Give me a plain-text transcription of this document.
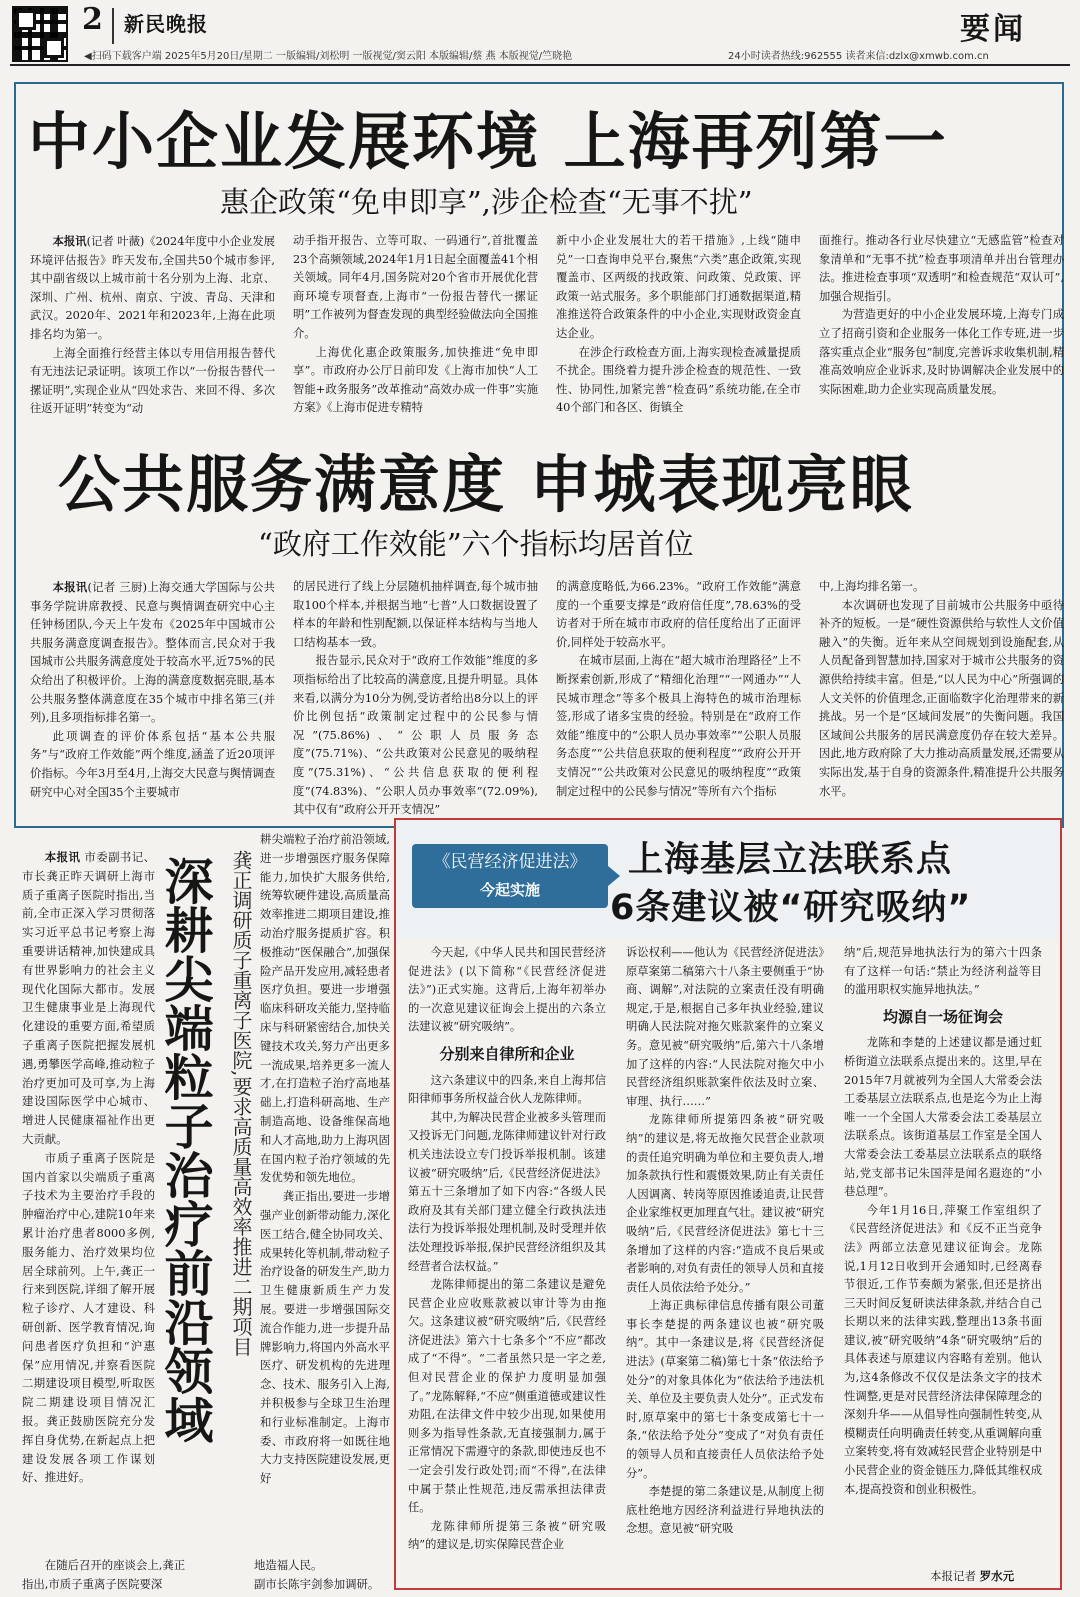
2 新民晚报	要闻
◀扫码下载客户端 2025年5月20日/星期二 一版编辑/刘松明 一版视觉/窦云阳 本版编辑/蔡 燕 本版视觉/竺晓艳	24小时读者热线:962555 读者来信:dzlx@xmwb.com.cn
中小企业发展环境 上海再列第一
惠企政策“免申即享”,涉企检查“无事不扰”

本报讯(记者 叶薇)《2024年度中小企业发展环境评估报告》昨天发布,全国共50个城市参评,其中副省级以上城市前十名分别为上海、北京、深圳、广州、杭州、南京、宁波、青岛、天津和武汉。2020年、2021年和2023年,上海在此项排名均为第一。

上海全面推行经营主体以专用信用报告替代有无违法记录证明。该项工作以“一份报告替代一摞证明”,实现企业从“四处求告、来回不得、多次往返开证明”转变为“动

动手指开报告、立等可取、一码通行”,首批覆盖23个高频领域,2024年1月1日起全面覆盖41个相关领域。同年4月,国务院对20个省市开展优化营商环境专项督查,上海市“一份报告替代一摞证明”工作被列为督查发现的典型经验做法向全国推介。

上海优化惠企政策服务,加快推进“免申即享”。市政府办公厅日前印发《上海市加快“人工智能+政务服务”改革推动“高效办成一件事”实施方案》《上海市促进专精特

新中小企业发展壮大的若干措施》,上线“随申兑”一口查询申兑平台,聚焦“六类”惠企政策,实现覆盖市、区两级的找政策、问政策、兑政策、评政策一站式服务。多个职能部门打通数据渠道,精准推送符合政策条件的中小企业,实现财政资金直达企业。

在涉企行政检查方面,上海实现检查减量提质不扰企。围绕着力提升涉企检查的规范性、一致性、协同性,加紧完善“检查码”系统功能,在全市40个部门和各区、街镇全

面推行。推动各行业尽快建立“无感监管”检查对象清单和“无事不扰”检查事项清单并出台管理办法。推进检查事项“双透明”和检查规范“双认可”,加强合规指引。

为营造更好的中小企业发展环境,上海专门成立了招商引资和企业服务一体化工作专班,进一步落实重点企业“服务包”制度,完善诉求收集机制,精准高效响应企业诉求,及时协调解决企业发展中的实际困难,助力企业实现高质量发展。

公共服务满意度 申城表现亮眼
“政府工作效能”六个指标均居首位

本报讯(记者 三厨)上海交通大学国际与公共事务学院讲席教授、民意与舆情调查研究中心主任钟杨团队,今天上午发布《2025年中国城市公共服务满意度调查报告》。整体而言,民众对于我国城市公共服务满意度处于较高水平,近75%的民众给出了积极评价。上海的满意度数据亮眼,基本公共服务整体满意度在35个城市中排名第三(并列),且多项指标排名第一。

此项调查的评价体系包括“基本公共服务”与“政府工作效能”两个维度,涵盖了近20项评价指标。今年3月至4月,上海交大民意与舆情调查研究中心对全国35个主要城市

的居民进行了线上分层随机抽样调查,每个城市抽取100个样本,并根据当地“七普”人口数据设置了样本的年龄和性别配额,以保证样本结构与当地人口结构基本一致。

报告显示,民众对于“政府工作效能”维度的多项指标给出了比较高的满意度,且提升明显。具体来看,以满分为10分为例,受访者给出8分以上的评价比例包括“政策制定过程中的公民参与情况”(75.86%)、“公职人员服务态度”(75.71%)、“公共政策对公民意见的吸纳程度”(75.31%)、“公共信息获取的便利程度”(74.83%)、“公职人员办事效率”(72.09%),其中仅有“政府公开开支情况”

的满意度略低,为66.23%。“政府工作效能”满意度的一个重要支撑是“政府信任度”,78.63%的受访者对于所在城市市政府的信任度给出了正面评价,同样处于较高水平。

在城市层面,上海在“超大城市治理路径”上不断探索创新,形成了“精细化治理”“一网通办”“人民城市理念”等多个极具上海特色的城市治理标签,形成了诸多宝贵的经验。特别是在“政府工作效能”维度中的“公职人员办事效率”“公职人员服务态度”“公共信息获取的便利程度”“政府公开开支情况”“公共政策对公民意见的吸纳程度”“政策制定过程中的公民参与情况”等所有六个指标

中,上海均排名第一。

本次调研也发现了目前城市公共服务中亟待补齐的短板。一是“硬性资源供给与软性人文价值融入”的失衡。近年来从空间规划到设施配套,从人员配备到智慧加持,国家对于城市公共服务的资源供给持续丰富。但是,“以人民为中心”所强调的人文关怀的价值理念,正面临数字化治理带来的新挑战。另一个是“区域间发展”的失衡问题。我国区域间公共服务的居民满意度仍存在较大差异。因此,地方政府除了大力推动高质量发展,还需要从实际出发,基于自身的资源条件,精准提升公共服务水平。

本报讯 市委副书记、市长龚正昨天调研上海市质子重离子医院时指出,当前,全市正深入学习贯彻落实习近平总书记考察上海重要讲话精神,加快建成具有世界影响力的社会主义现代化国际大都市。发展卫生健康事业是上海现代化建设的重要方面,希望质子重离子医院把握发展机遇,勇攀医学高峰,推动粒子治疗更加可及可享,为上海建设国际医学中心城市、增进人民健康福祉作出更大贡献。

市质子重离子医院是国内首家以尖端质子重离子技术为主要治疗手段的肿瘤治疗中心,建院10年来累计治疗患者8000多例,服务能力、治疗效果均位居全球前列。上午,龚正一行来到医院,详细了解开展粒子诊疗、人才建设、科研创新、医学教育情况,询问患者医疗负担和“沪惠保”应用情况,并察看医院二期建设项目模型,听取医院二期建设项目情况汇报。龚正鼓励医院充分发挥自身优势,在新起点上把建设发展各项工作谋划好、推进好。

深耕尖端粒子治疗前沿领域 龚正调研质子重离子医院,要求高质量高效率推进二期项目

耕尖端粒子治疗前沿领域,进一步增强医疗服务保障能力,加快扩大服务供给,统筹软硬件建设,高质量高效率推进二期项目建设,推动治疗服务提质扩容。积极推动“医保融合”,加强保险产品开发应用,减轻患者医疗负担。要进一步增强临床科研攻关能力,坚持临床与科研紧密结合,加快关键技术攻关,努力产出更多一流成果,培养更多一流人才,在打造粒子治疗高地基础上,打造科研高地、生产制造高地、设备维保高地和人才高地,助力上海巩固在国内粒子治疗领域的先发优势和领先地位。

龚正指出,要进一步增强产业创新带动能力,深化医工结合,健全协同攻关、成果转化等机制,带动粒子治疗设备的研发生产,助力卫生健康新质生产力发展。要进一步增强国际交流合作能力,进一步提升品牌影响力,将国内外高水平医疗、研发机构的先进理念、技术、服务引入上海,并积极参与全球卫生治理和行业标准制定。上海市委、市政府将一如既往地大力支持医院建设发展,更好

在随后召开的座谈会上,龚正指出,市质子重离子医院要深
地造福人民。
副市长陈宇剑参加调研。
《民营经济促进法》
今起实施
上海基层立法联系点
6条建议被“研究吸纳”

今天起,《中华人民共和国民营经济促进法》(以下简称“《民营经济促进法》”)正式实施。这背后,上海年初举办的一次意见建议征询会上提出的六条立法建议被“研究吸纳”。

分别来自律所和企业

这六条建议中的四条,来自上海邦信阳律师事务所权益合伙人龙陈律师。

其中,为解决民营企业被多头管理而又投诉无门问题,龙陈律师建议针对行政机关违法设立专门投诉举报机制。该建议被“研究吸纳”后,《民营经济促进法》第五十三条增加了如下内容:“各级人民政府及其有关部门建立健全行政执法违法行为投诉举报处理机制,及时受理并依法处理投诉举报,保护民营经济组织及其经营者合法权益。”

龙陈律师提出的第二条建议是避免民营企业应收账款被以审计等为由拖欠。这条建议被“研究吸纳”后,《民营经济促进法》第六十七条多个“不应”都改成了“不得”。“二者虽然只是一字之差,但对民营企业的保护力度明显加强了。”龙陈解释,“不应”侧重道德或建议性劝阻,在法律文件中较少出现,如果使用则多为指导性条款,无直接强制力,属于正常情况下需遵守的条款,即使违反也不一定会引发行政处罚;而“不得”,在法律中属于禁止性规范,违反需承担法律责任。

龙陈律师所提第三条被“研究吸纳”的建议是,切实保障民营企业

诉讼权利——他认为《民营经济促进法》原草案第二稿第六十八条主要侧重于“协商、调解”,对法院的立案责任没有明确规定,于是,根据自己多年执业经验,建议明确人民法院对拖欠账款案件的立案义务。意见被“研究吸纳”后,第六十八条增加了这样的内容:“人民法院对拖欠中小民营经济组织账款案件依法及时立案、审理、执行……”

龙陈律师所提第四条被“研究吸纳”的建议是,将无故拖欠民营企业款项的责任追究明确为单位和主要负责人,增加条款执行性和震慑效果,防止有关责任人因调离、转岗等原因推诿追责,让民营企业家维权更加理直气壮。建议被“研究吸纳”后,《民营经济促进法》第七十三条增加了这样的内容:“造成不良后果或者影响的,对负有责任的领导人员和直接责任人员依法给予处分。”

上海正典标律信息传播有限公司董事长李楚提的两条建议也被“研究吸纳”。其中一条建议是,将《民营经济促进法》(草案第二稿)第七十条“依法给予处分”的对象具体化为“依法给予违法机关、单位及主要负责人处分”。正式发布时,原草案中的第七十条变成第七十一条,“依法给予处分”变成了“对负有责任的领导人员和直接责任人员依法给予处分”。

李楚提的第二条建议是,从制度上彻底杜绝地方因经济利益进行异地执法的念想。意见被“研究吸

纳”后,规范异地执法行为的第六十四条有了这样一句话:“禁止为经济利益等目的滥用职权实施异地执法。”

均源自一场征询会

龙陈和李楚的上述建议都是通过虹桥街道立法联系点提出来的。这里,早在2015年7月就被列为全国人大常委会法工委基层立法联系点,也是迄今为止上海唯一一个全国人大常委会法工委基层立法联系点。该街道基层工作室是全国人大常委会法工委基层立法联系点的联络站,党支部书记朱国萍是闻名遐迩的“小巷总理”。

今年1月16日,萍聚工作室组织了《民营经济促进法》和《反不正当竞争法》两部立法意见建议征询会。龙陈说,1月12日收到开会通知时,已经离春节很近,工作节奏颇为紧张,但还是挤出三天时间反复研读法律条款,并结合自己长期以来的法律实践,整理出13条书面建议,被“研究吸纳”4条“研究吸纳”后的具体表述与原建议内容略有差别。他认为,这4条修改不仅仅是法条文字的技术性调整,更是对民营经济法律保障理念的深刻升华——从倡导性向强制性转变,从模糊责任向明确责任转变,从重调解向重立案转变,将有效减轻民营企业特别是中小民营企业的资金链压力,降低其维权成本,提高投资和创业积极性。

本报记者 罗水元
